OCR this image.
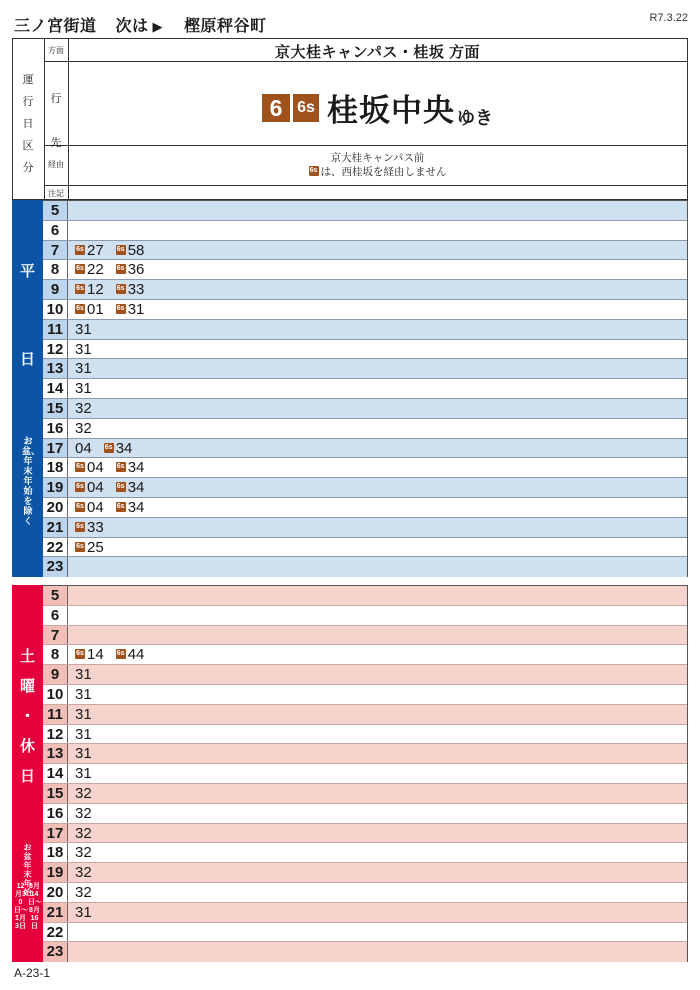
三ノ宮街道 次は ▶ 樫原秤谷町	R7.3.22
運行日区分
方面
行先
経由
注記
京大桂キャンパス・桂坂 方面
6 6s 桂坂中央 ゆき
京大桂キャンパス前
6s は、西桂坂を経由しません
平
日
お盆、年末年始を除く
5
6
7	6s 27 6s 58
8	6s 22 6s 36
9	6s 12 6s 33
10	6s 01 6s 31
11 31
12 31
13 31
14 31
15 32
16 32
17 04 6s 34
18	6s 04 6s 34
19	6s 04 6s 34
20	6s 04 6s 34
21	6s 33
22	6s 25
23
土
曜
・
休
日
お盆年末年始
12月30日〜1月3日
8月14日〜8月16日
5
6
7
8	6s 14 6s 44
9	31
10 31
11 31
12 31
13 31
14 31
15 32
16 32
17 32
18 32
19 32
20 32
21 31
22
23
A-23-1
